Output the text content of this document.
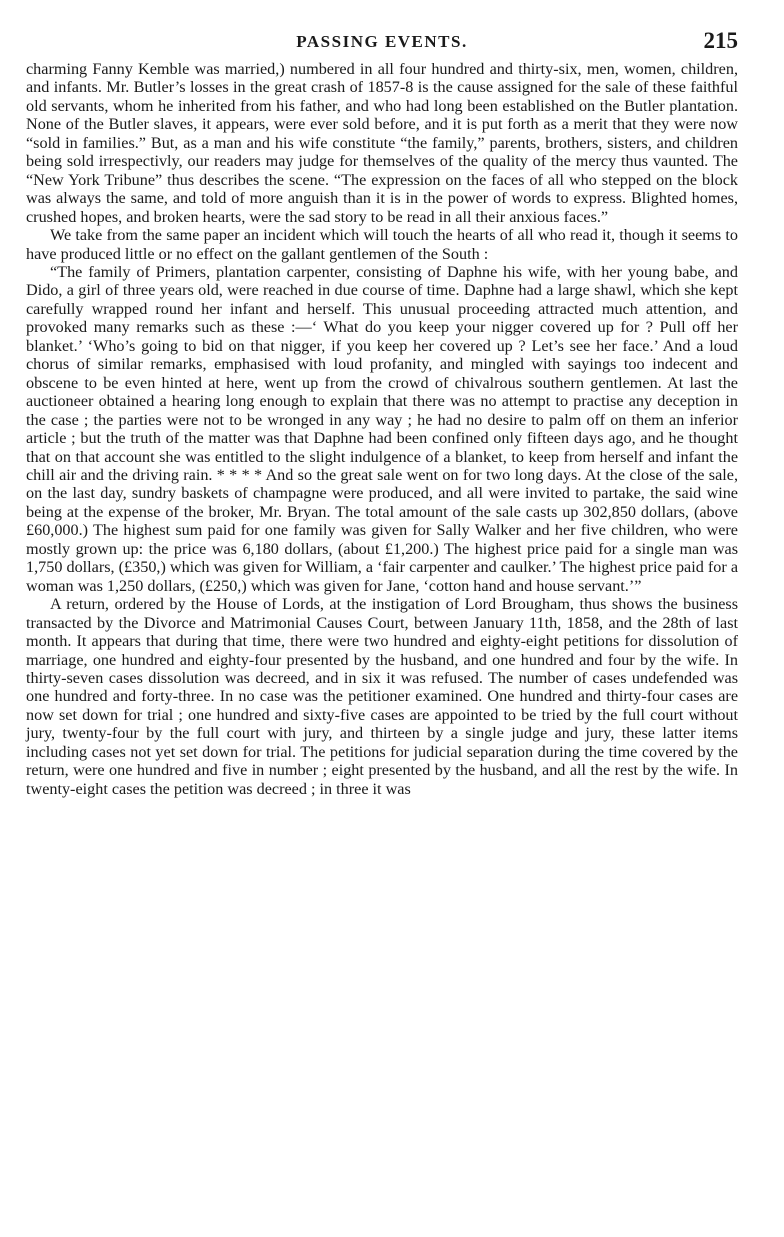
PASSING EVENTS.	215

charming Fanny Kemble was married,) numbered in all four hundred and thirty-six, men, women, children, and infants. Mr. Butler’s losses in the great crash of 1857-8 is the cause assigned for the sale of these faithful old servants, whom he inherited from his father, and who had long been established on the Butler plantation. None of the Butler slaves, it appears, were ever sold before, and it is put forth as a merit that they were now “sold in families.” But, as a man and his wife constitute “the family,” parents, brothers, sisters, and children being sold irrespectivly, our readers may judge for themselves of the quality of the mercy thus vaunted. The “New York Tribune” thus describes the scene. “The expression on the faces of all who stepped on the block was always the same, and told of more anguish than it is in the power of words to express. Blighted homes, crushed hopes, and broken hearts, were the sad story to be read in all their anxious faces.”

We take from the same paper an incident which will touch the hearts of all who read it, though it seems to have produced little or no effect on the gallant gentlemen of the South :

“The family of Primers, plantation carpenter, consisting of Daphne his wife, with her young babe, and Dido, a girl of three years old, were reached in due course of time. Daphne had a large shawl, which she kept carefully wrapped round her infant and herself. This unusual proceeding attracted much attention, and provoked many remarks such as these :—‘ What do you keep your nigger covered up for ? Pull off her blanket.’ ‘Who’s going to bid on that nigger, if you keep her covered up ? Let’s see her face.’ And a loud chorus of similar remarks, emphasised with loud profanity, and mingled with sayings too indecent and obscene to be even hinted at here, went up from the crowd of chivalrous southern gentlemen. At last the auctioneer obtained a hearing long enough to explain that there was no attempt to practise any deception in the case ; the parties were not to be wronged in any way ; he had no desire to palm off on them an inferior article ; but the truth of the matter was that Daphne had been confined only fifteen days ago, and he thought that on that account she was entitled to the slight indulgence of a blanket, to keep from herself and infant the chill air and the driving rain. * * * * And so the great sale went on for two long days. At the close of the sale, on the last day, sundry baskets of champagne were produced, and all were invited to partake, the said wine being at the expense of the broker, Mr. Bryan. The total amount of the sale casts up 302,850 dollars, (above £60,000.) The highest sum paid for one family was given for Sally Walker and her five children, who were mostly grown up: the price was 6,180 dollars, (about £1,200.) The highest price paid for a single man was 1,750 dollars, (£350,) which was given for William, a ‘fair carpenter and caulker.’ The highest price paid for a woman was 1,250 dollars, (£250,) which was given for Jane, ‘cotton hand and house servant.’”

A return, ordered by the House of Lords, at the instigation of Lord Brougham, thus shows the business transacted by the Divorce and Matrimonial Causes Court, between January 11th, 1858, and the 28th of last month. It appears that during that time, there were two hundred and eighty-eight petitions for dissolution of marriage, one hundred and eighty-four presented by the husband, and one hundred and four by the wife. In thirty-seven cases dissolution was decreed, and in six it was refused. The number of cases undefended was one hundred and forty-three. In no case was the petitioner examined. One hundred and thirty-four cases are now set down for trial ; one hundred and sixty-five cases are appointed to be tried by the full court without jury, twenty-four by the full court with jury, and thirteen by a single judge and jury, these latter items including cases not yet set down for trial. The petitions for judicial separation during the time covered by the return, were one hundred and five in number ; eight presented by the husband, and all the rest by the wife. In twenty-eight cases the petition was decreed ; in three it was
